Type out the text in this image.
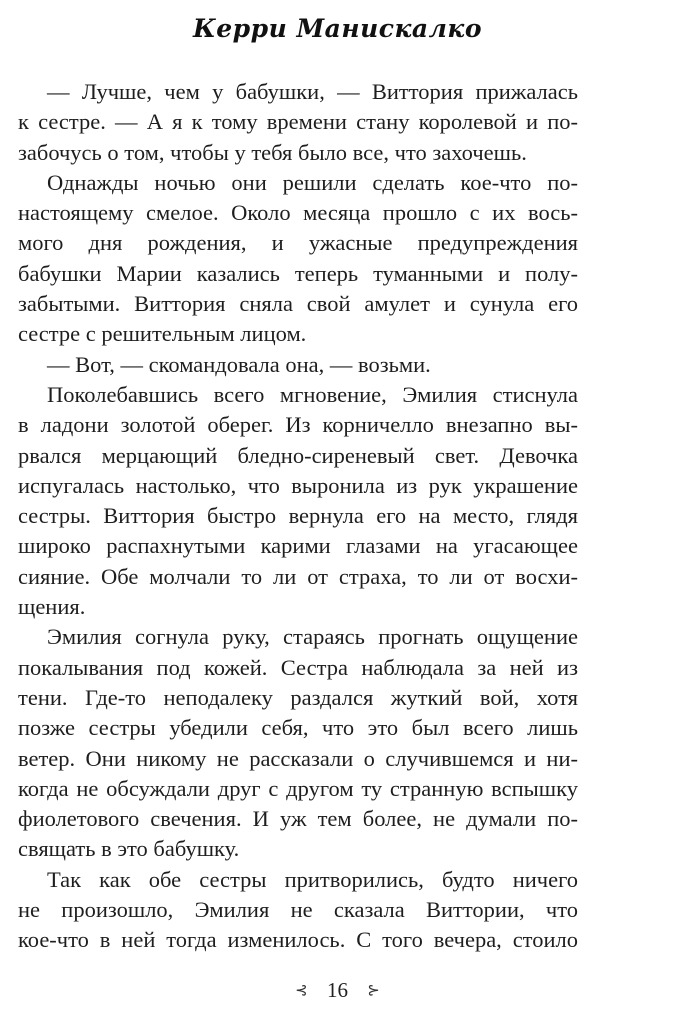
Керри Манискалко
— Лучше, чем у бабушки, — Виттория прижалась
к сестре. — А я к тому времени стану королевой и по-
забочусь о том, чтобы у тебя было все, что захочешь.
Однажды ночью они решили сделать кое-что по-
настоящему смелое. Около месяца прошло с их вось-
мого дня рождения, и ужасные предупреждения
бабушки Марии казались теперь туманными и полу-
забытыми. Виттория сняла свой амулет и сунула его
сестре с решительным лицом.
— Вот, — скомандовала она, — возьми.
Поколебавшись всего мгновение, Эмилия стиснула
в ладони золотой оберег. Из корничелло внезапно вы-
рвался мерцающий бледно-сиреневый свет. Девочка
испугалась настолько, что выронила из рук украшение
сестры. Виттория быстро вернула его на место, глядя
широко распахнутыми карими глазами на угасающее
сияние. Обе молчали то ли от страха, то ли от восхи-
щения.
Эмилия согнула руку, стараясь прогнать ощущение
покалывания под кожей. Сестра наблюдала за ней из
тени. Где-то неподалеку раздался жуткий вой, хотя
позже сестры убедили себя, что это был всего лишь
ветер. Они никому не рассказали о случившемся и ни-
когда не обсуждали друг с другом ту странную вспышку
фиолетового свечения. И уж тем более, не думали по-
свящать в это бабушку.
Так как обе сестры притворились, будто ничего
не произошло, Эмилия не сказала Виттории, что
кое-что в ней тогда изменилось. С того вечера, стоило
⊰ 16 ⊱
